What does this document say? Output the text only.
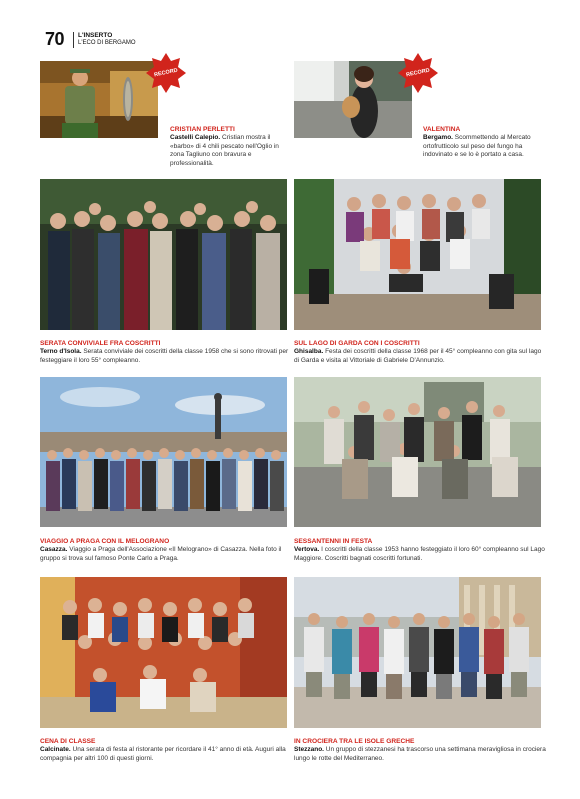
70 L'INSERTO
L'ECO DI BERGAMO
RECORD
CRISTIAN PERLETTI
Castelli Calepio. Cristian mostra il «barbo» di 4 chili pescato nell'Oglio in zona Tagliuno con bravura e professionalità.
RECORD
VALENTINA
Bergamo. Scommettendo al Mercato ortofrutticolo sul peso del fungo ha indovinato e se lo è portato a casa.
SERATA CONVIVIALE FRA COSCRITTI
Terno d'Isola. Serata conviviale dei coscritti della classe 1958 che si sono ritrovati per festeggiare il loro 55° compleanno.
SUL LAGO DI GARDA CON I COSCRITTI
Ghisalba. Festa dei coscritti della classe 1968 per il 45° compleanno con gita sul lago di Garda e visita al Vittoriale di Gabriele D'Annunzio.
VIAGGIO A PRAGA CON IL MELOGRANO
Casazza. Viaggio a Praga dell'Associazione «Il Melograno» di Casazza. Nella foto il gruppo si trova sul famoso Ponte Carlo a Praga.
SESSANTENNI IN FESTA
Vertova. I coscritti della classe 1953 hanno festeggiato il loro 60° compleanno sul Lago Maggiore. Coscritti bagnati coscritti fortunati.
CENA DI CLASSE
Calcinate. Una serata di festa al ristorante per ricordare il 41° anno di età. Auguri alla compagnia per altri 100 di questi giorni.
IN CROCIERA TRA LE ISOLE GRECHE
Stezzano. Un gruppo di stezzanesi ha trascorso una settimana meravigliosa in crociera lungo le rotte del Mediterraneo.
